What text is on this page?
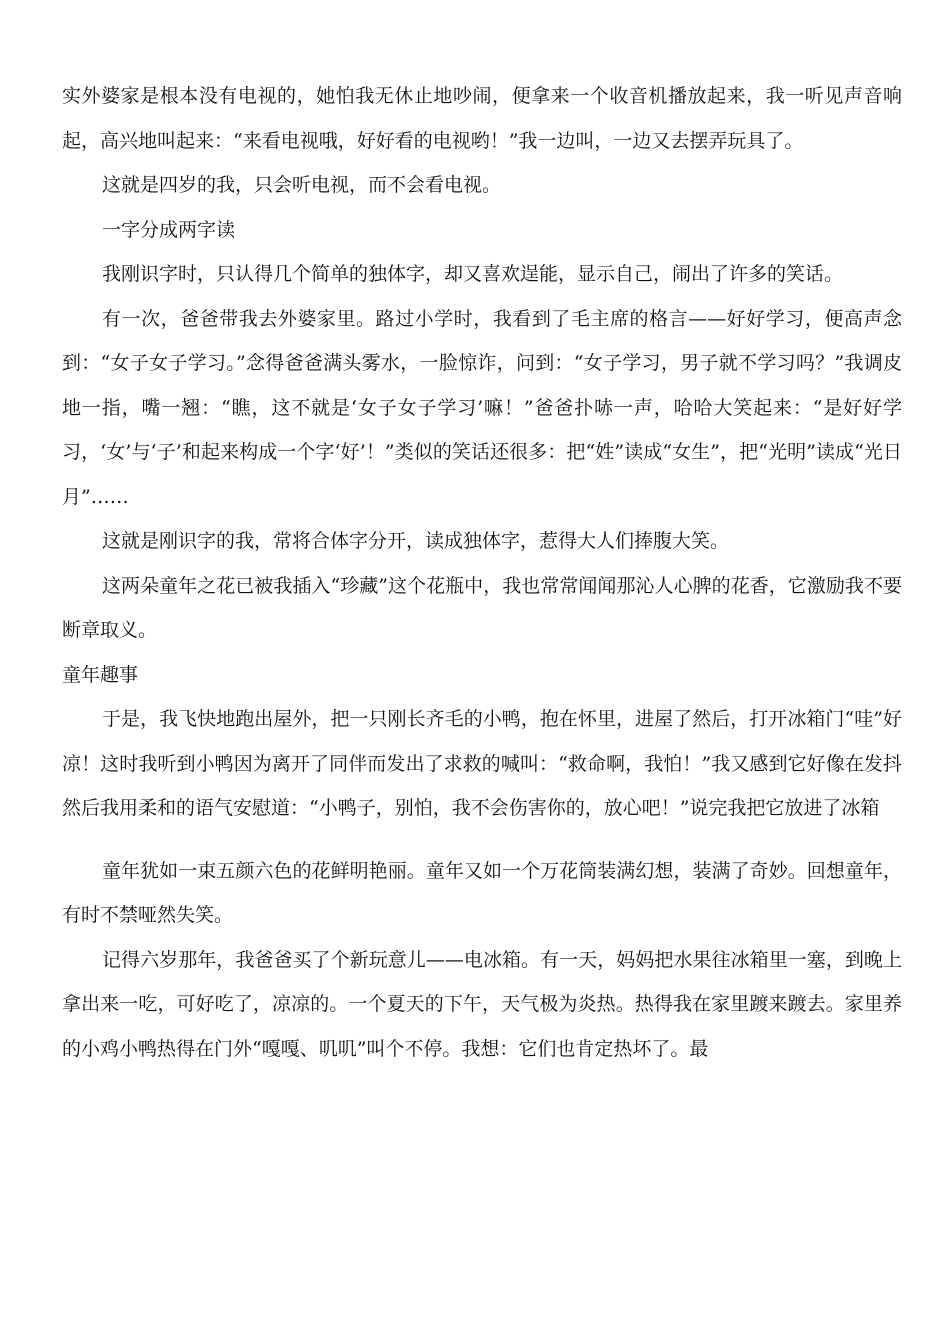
实外婆家是根本没有电视的，她怕我无休止地吵闹，便拿来一个收音机播放起来，我一听见声音响起，高兴地叫起来：“来看电视哦，好好看的电视哟！”我一边叫，一边又去摆弄玩具了。

这就是四岁的我，只会听电视，而不会看电视。

一字分成两字读

我刚识字时，只认得几个简单的独体字，却又喜欢逞能，显示自己，闹出了许多的笑话。

有一次，爸爸带我去外婆家里。路过小学时，我看到了毛主席的格言——好好学习，便高声念到：“女子女子学习。”念得爸爸满头雾水，一脸惊诈，问到：“女子学习，男子就不学习吗？”我调皮地一指，嘴一翘：“瞧，这不就是‘女子女子学习’嘛！”爸爸扑哧一声，哈哈大笑起来：“是好好学习，‘女’与‘子’和起来构成一个字‘好’！”类似的笑话还很多：把“姓”读成“女生”，把“光明”读成“光日月”……

这就是刚识字的我，常将合体字分开，读成独体字，惹得大人们捧腹大笑。

这两朵童年之花已被我插入“珍藏”这个花瓶中，我也常常闻闻那沁人心脾的花香，它激励我不要断章取义。

童年趣事

于是，我飞快地跑出屋外，把一只刚长齐毛的小鸭，抱在怀里，进屋了然后，打开冰箱门“哇”好凉！这时我听到小鸭因为离开了同伴而发出了求救的喊叫：“救命啊，我怕！”我又感到它好像在发抖然后我用柔和的语气安慰道：“小鸭子，别怕，我不会伤害你的，放心吧！”说完我把它放进了冰箱

童年犹如一束五颜六色的花鲜明艳丽。童年又如一个万花筒装满幻想，装满了奇妙。回想童年，有时不禁哑然失笑。

记得六岁那年，我爸爸买了个新玩意儿——电冰箱。有一天，妈妈把水果往冰箱里一塞，到晚上拿出来一吃，可好吃了，凉凉的。一个夏天的下午，天气极为炎热。热得我在家里踱来踱去。家里养的小鸡小鸭热得在门外“嘎嘎、叽叽”叫个不停。我想：它们也肯定热坏了。最
